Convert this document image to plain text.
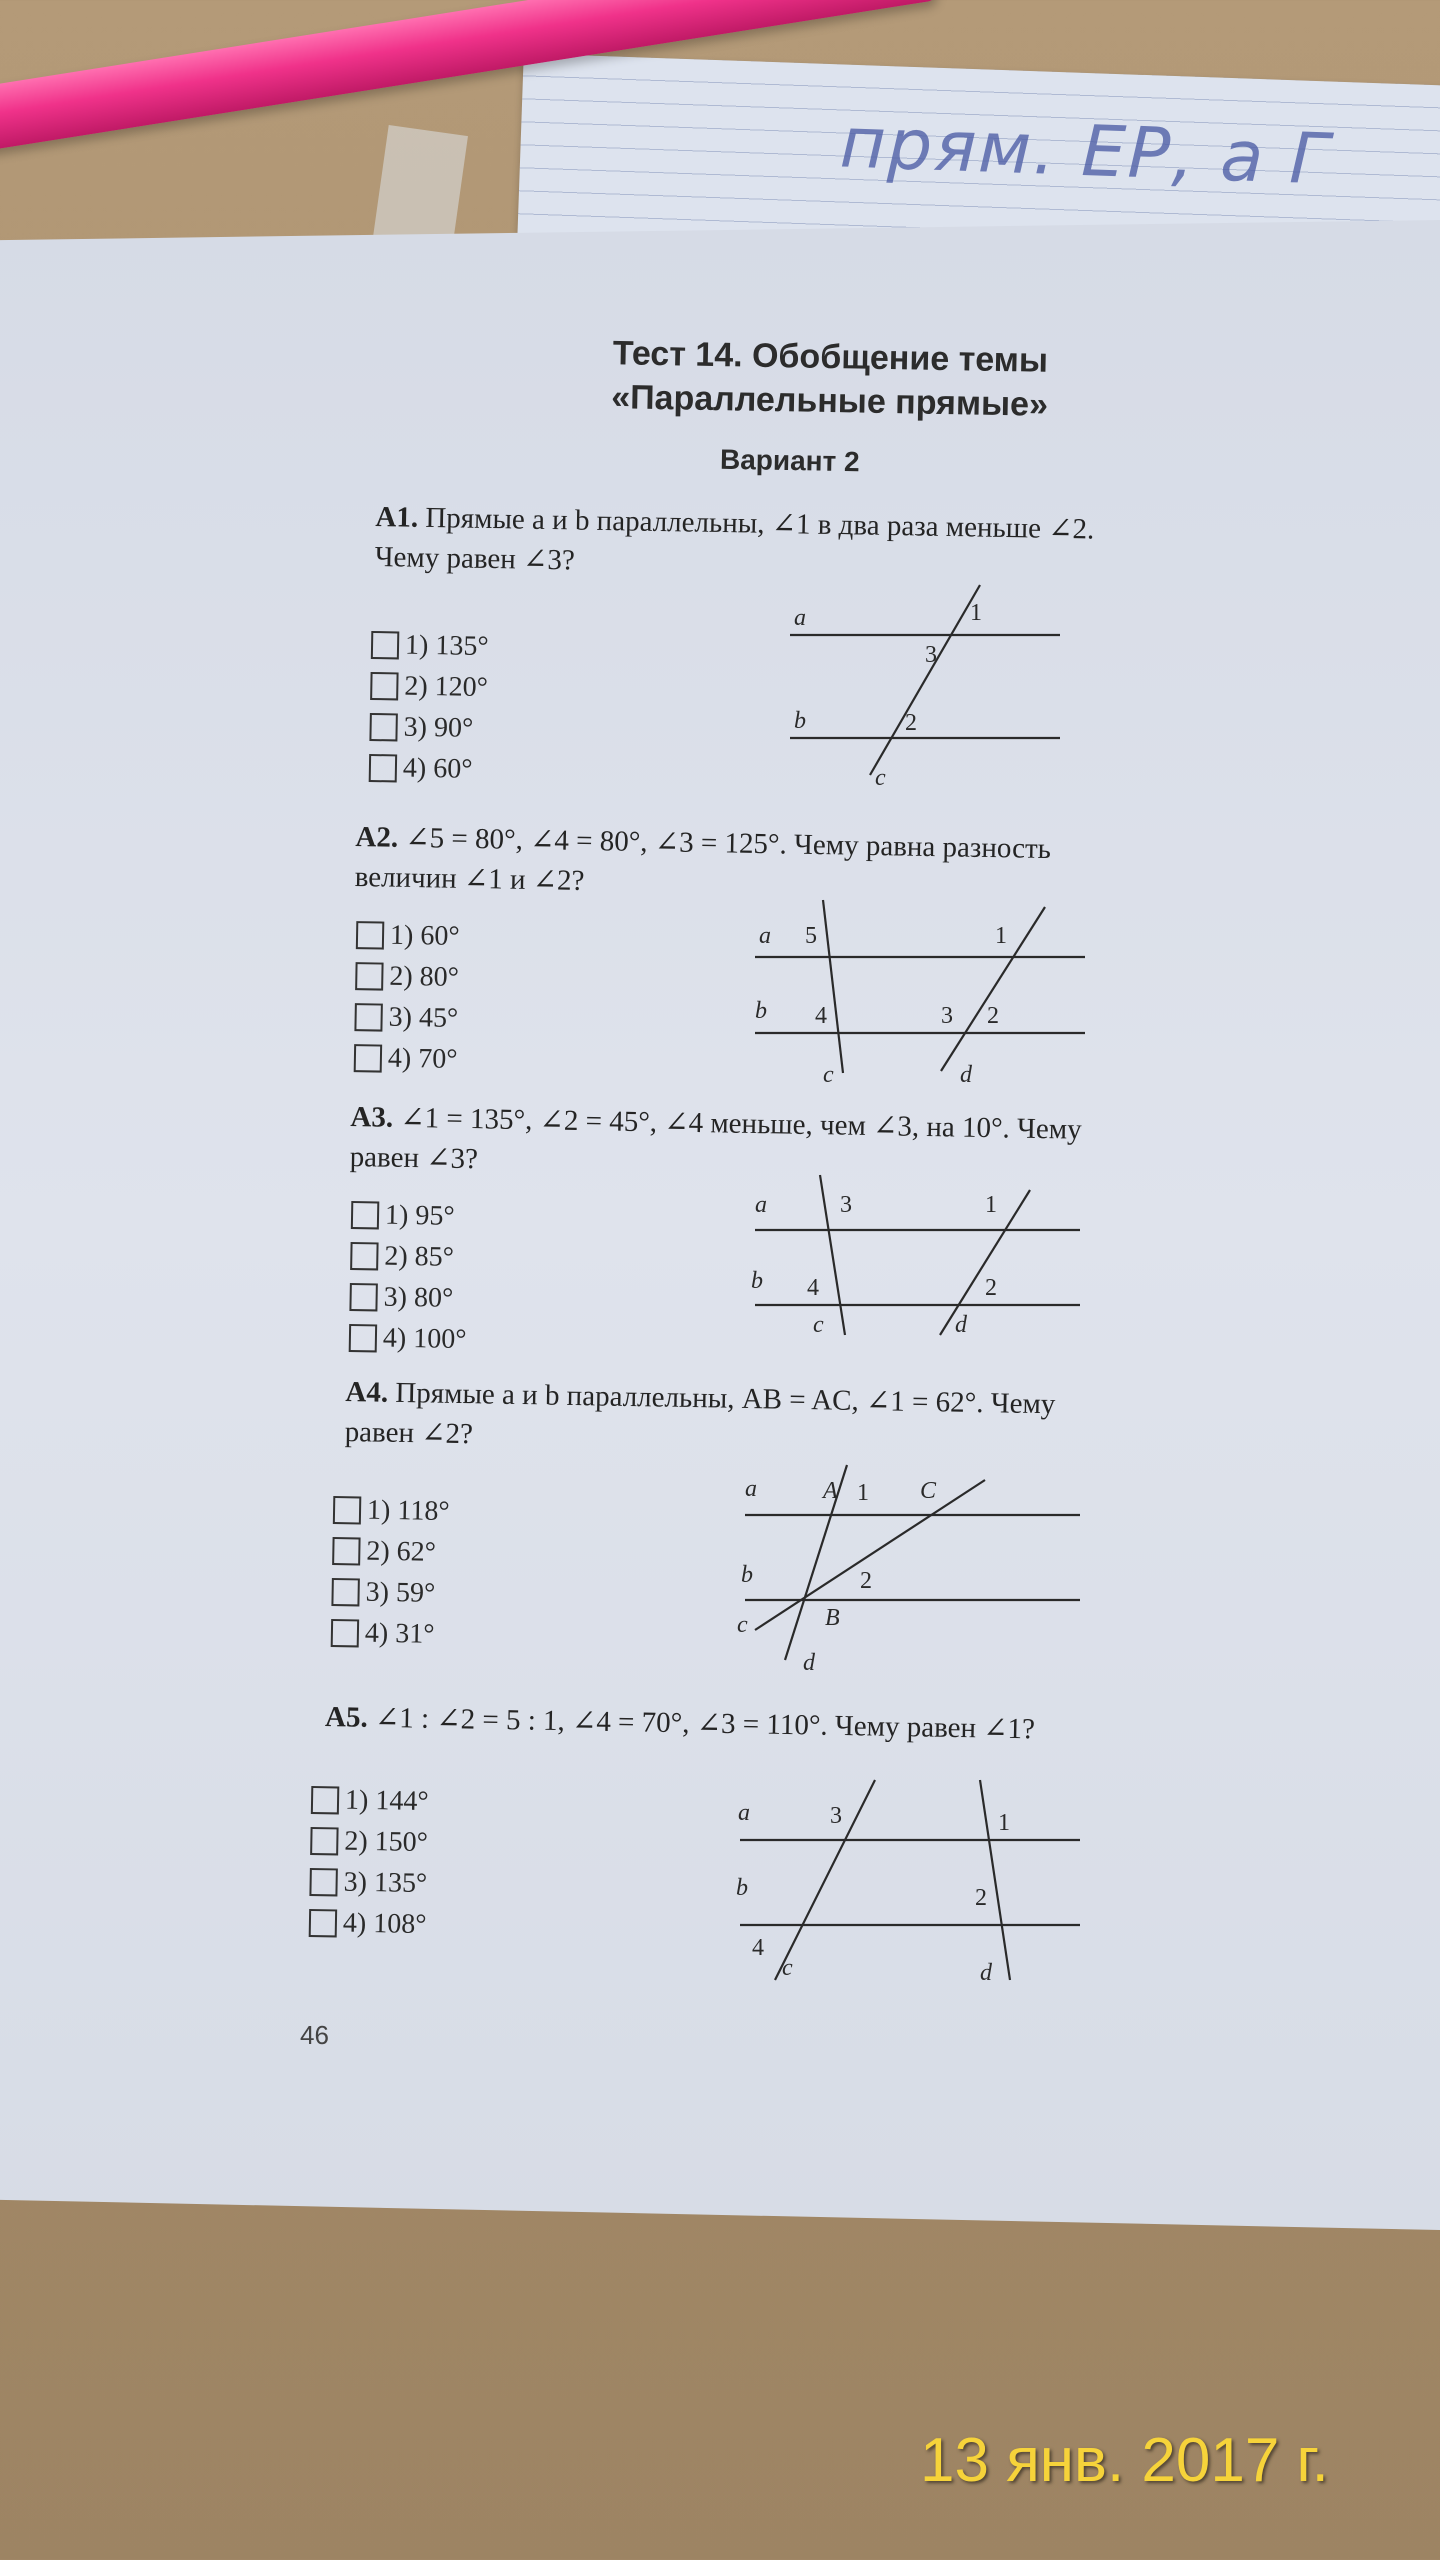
прям. ЕР‚ а Г
Тест 14. Обобщение темы
«Параллельные прямые»
Вариант 2
A1. Прямые a и b параллельны, ∠1 в два раза меньше ∠2.
Чему равен ∠3?
1) 135°
2) 120°
3) 90°
4) 60°
a
b
c
1
2
3
A2. ∠5 = 80°, ∠4 = 80°, ∠3 = 125°. Чему равна разность
величин ∠1 и ∠2?
1) 60°
2) 80°
3) 45°
4) 70°
a
b
c	d
1
2
3
4
5
A3. ∠1 = 135°, ∠2 = 45°, ∠4 меньше, чем ∠3, на 10°. Чему
равен ∠3?
1) 95°
2) 85°
3) 80°
4) 100°
a
b
c	d
1
2
3
4
A4. Прямые a и b параллельны, AB = AC, ∠1 = 62°. Чему
равен ∠2?
1) 118°
2) 62°
3) 59°
4) 31°
a
b
c
d
A
B
C
1
2
A5. ∠1 : ∠2 = 5 : 1, ∠4 = 70°, ∠3 = 110°. Чему равен ∠1?
1) 144°
2) 150°
3) 135°
4) 108°
a
b
c	d
1
2
3
4
46
13 янв. 2017 г.
